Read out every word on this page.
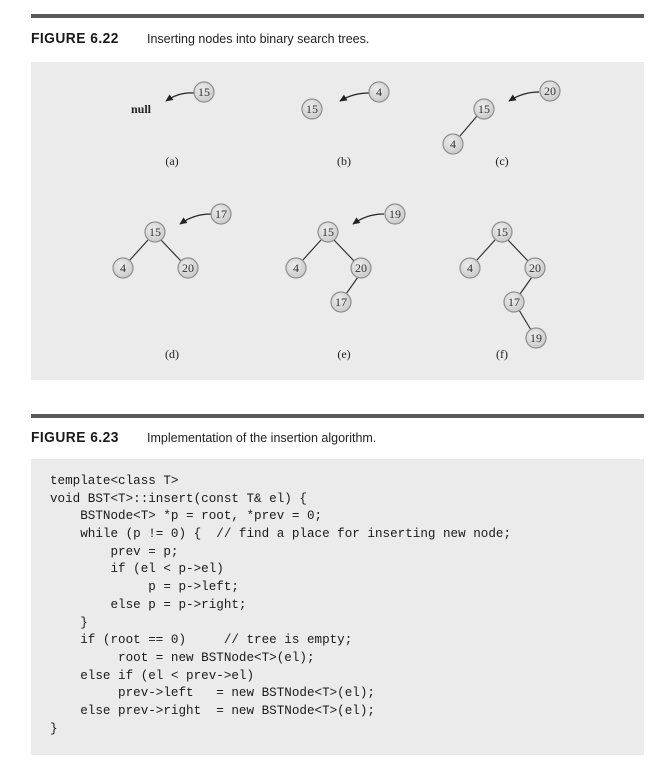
FIGURE 6.22	Inserting nodes into binary search trees.
null
15
(a)
15
4
(b)
15
4
20
(c)
15
4	20
17
(d)
15
4	20
17
19
(e)
15
4	20
17
19
(f)
FIGURE 6.23	Implementation of the insertion algorithm.
template<class T>
void BST<T>::insert(const T& el) {
BSTNode<T> *p = root, *prev = 0;
while (p != 0) {  // find a place for inserting new node;
prev = p;
if (el < p->el)
p = p->left;
else p = p->right;
}
if (root == 0)     // tree is empty;
root = new BSTNode<T>(el);
else if (el < prev->el)
prev->left   = new BSTNode<T>(el);
else prev->right  = new BSTNode<T>(el);
}
